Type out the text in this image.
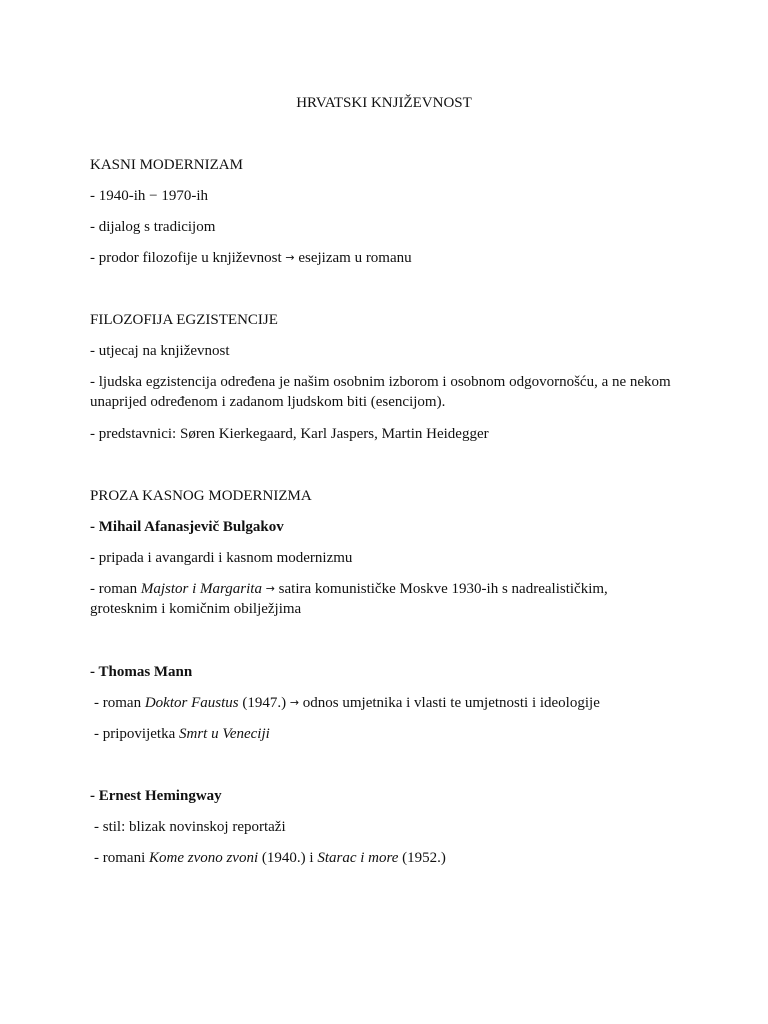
HRVATSKI KNJIŽEVNOST
KASNI MODERNIZAM
- 1940-ih − 1970-ih
- dijalog s tradicijom
- prodor filozofije u književnost → esejizam u romanu
FILOZOFIJA EGZISTENCIJE
- utjecaj na književnost
- ljudska egzistencija određena je našim osobnim izborom i osobnom odgovornošću, a ne nekom unaprijed određenom i zadanom ljudskom biti (esencijom).
- predstavnici: Søren Kierkegaard, Karl Jaspers, Martin Heidegger
PROZA KASNOG MODERNIZMA
- Mihail Afanasjevič Bulgakov
- pripada i avangardi i kasnom modernizmu
- roman Majstor i Margarita → satira komunističke Moskve 1930-ih s nadrealističkim, grotesknim i komičnim obilježjima
- Thomas Mann
- roman Doktor Faustus (1947.) → odnos umjetnika i vlasti te umjetnosti i ideologije
- pripovijetka Smrt u Veneciji
- Ernest Hemingway
- stil: blizak novinskoj reportaži
- romani Kome zvono zvoni (1940.) i Starac i more (1952.)
